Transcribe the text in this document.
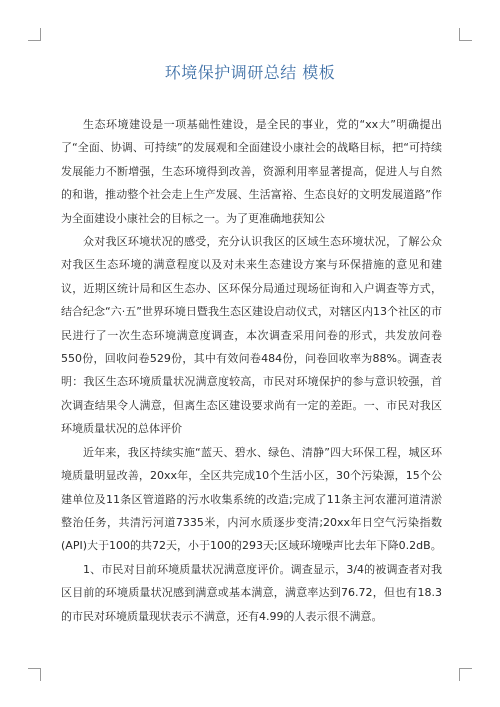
环境保护调研总结 模板

生态环境建设是一项基础性建设，是全民的事业，党的“xx大”明确提出了“全面、协调、可持续”的发展观和全面建设小康社会的战略目标，把“可持续发展能力不断增强，生态环境得到改善，资源利用率显著提高，促进人与自然的和谐，推动整个社会走上生产发展、生活富裕、生态良好的文明发展道路”作为全面建设小康社会的目标之一。为了更准确地获知公

众对我区环境状况的感受，充分认识我区的区域生态环境状况，了解公众对我区生态环境的满意程度以及对未来生态建设方案与环保措施的意见和建议，近期区统计局和区生态办、区环保分局通过现场征询和入户调查等方式，结合纪念“六·五”世界环境日暨我生态区建设启动仪式，对辖区内13个社区的市民进行了一次生态环境满意度调查，本次调查采用问卷的形式，共发放问卷550份，回收问卷529份，其中有效问卷484份，问卷回收率为88%。调查表明：我区生态环境质量状况满意度较高，市民对环境保护的参与意识较强，首次调查结果令人满意，但离生态区建设要求尚有一定的差距。一、市民对我区环境质量状况的总体评价

近年来，我区持续实施“蓝天、碧水、绿色、清静”四大环保工程，城区环境质量明显改善，20xx年，全区共完成10个生活小区，30个污染源，15个公建单位及11条区管道路的污水收集系统的改造;完成了11条主河农灌河道清淤整治任务，共清污河道7335米，内河水质逐步变清;20xx年日空气污染指数(API)大于100的共72天，小于100的293天;区域环境噪声比去年下降0.2dB。

1、市民对目前环境质量状况满意度评价。调查显示，3/4的被调查者对我区目前的环境质量状况感到满意或基本满意，满意率达到76.72，但也有18.3的市民对环境质量现状表示不满意，还有4.99的人表示很不满意。
